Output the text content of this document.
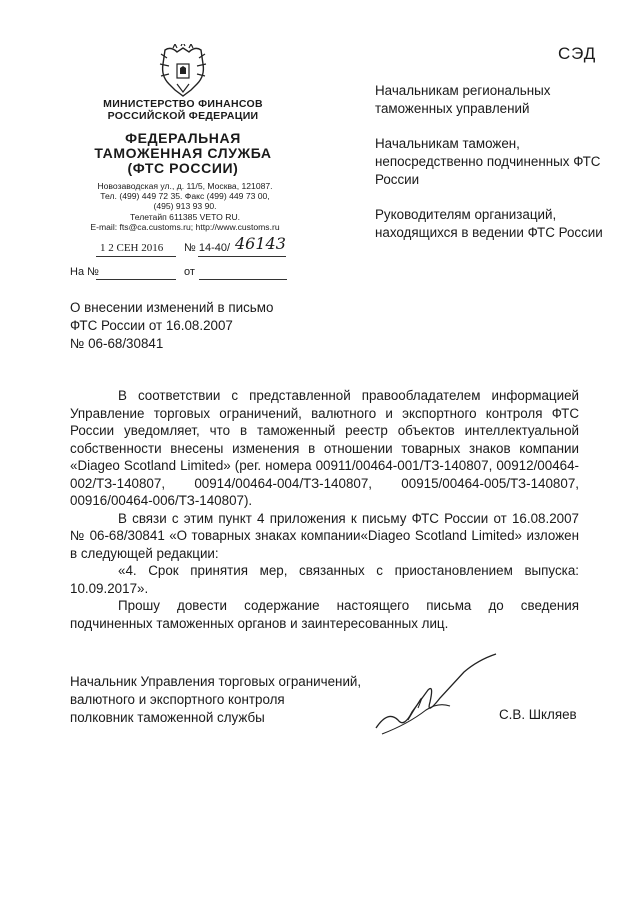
СЭД
МИНИСТЕРСТВО ФИНАНСОВ
РОССИЙСКОЙ ФЕДЕРАЦИИ
ФЕДЕРАЛЬНАЯ
ТАМОЖЕННАЯ СЛУЖБА
(ФТС РОССИИ)
Новозаводская ул., д. 11/5, Москва, 121087.
Тел. (499) 449 72 35. Факс (499) 449 73 00,
(495) 913 93 90.
Телетайп 611385 VETO RU.
E-mail: fts@ca.customs.ru; http://www.customs.ru
1 2 СЕН 2016 № 14-40/ 46143
На №	от
Начальникам региональных таможенных управлений
Начальникам таможен, непосредственно подчиненных ФТС России
Руководителям организаций, находящихся в ведении ФТС России
О внесении изменений в письмо
ФТС России от 16.08.2007
№ 06-68/30841

В соответствии с представленной правообладателем информацией Управление торговых ограничений, валютного и экспортного контроля ФТС России уведомляет, что в таможенный реестр объектов интеллектуальной собственности внесены изменения в отношении товарных знаков компании «Diageo Scotland Limited» (рег. номера 00911/00464-001/ТЗ-140807, 00912/00464-002/ТЗ-140807, 00914/00464-004/ТЗ-140807, 00915/00464-005/ТЗ-140807, 00916/00464-006/ТЗ-140807).

В связи с этим пункт 4 приложения к письму ФТС России от 16.08.2007 № 06-68/30841 «О товарных знаках компании«Diageo Scotland Limited» изложен в следующей редакции:

«4. Срок принятия мер, связанных с приостановлением выпуска: 10.09.2017».

Прошу довести содержание настоящего письма до сведения подчиненных таможенных органов и заинтересованных лиц.

Начальник Управления торговых ограничений,
валютного и экспортного контроля
полковник таможенной службы	С.В. Шкляев
